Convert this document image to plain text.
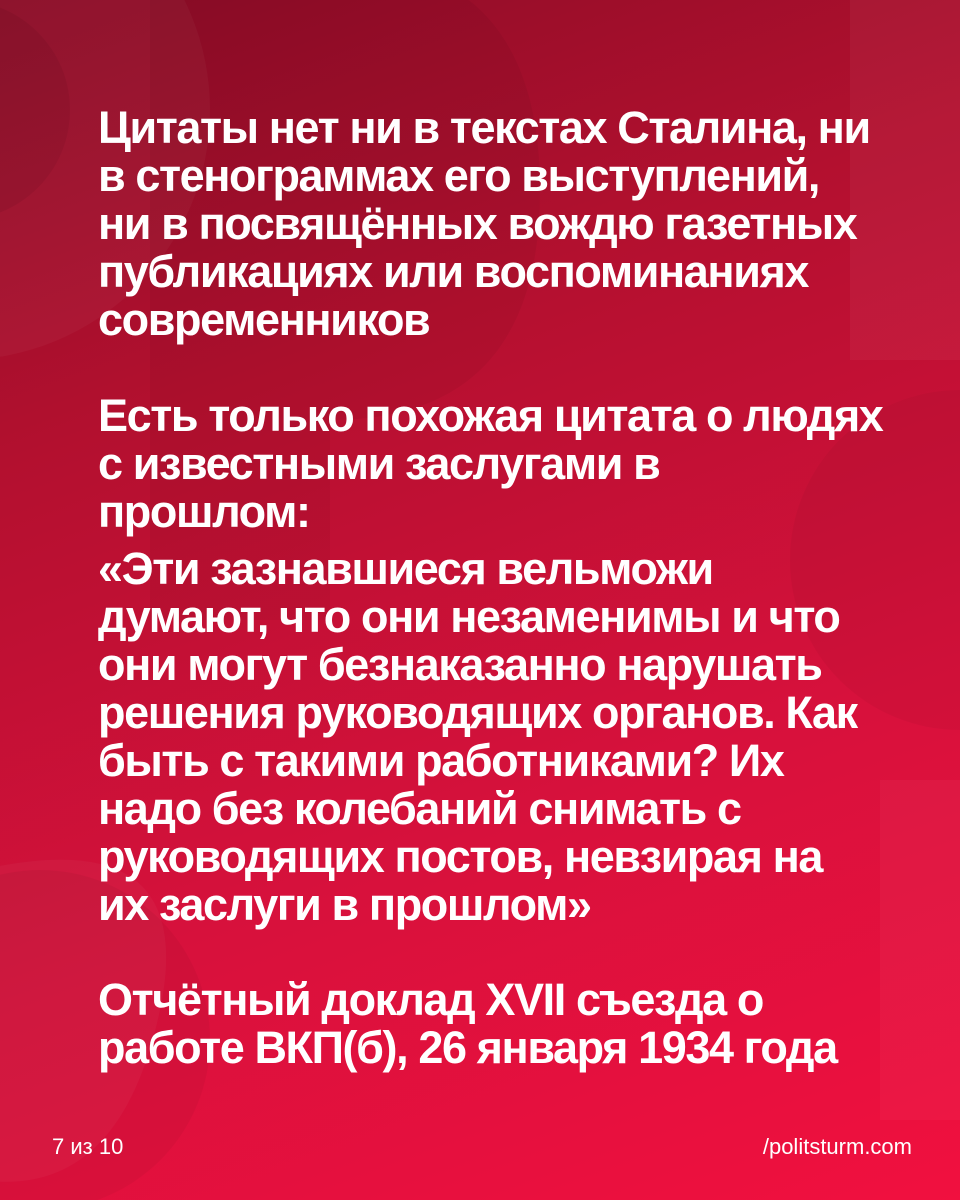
Цитаты нет ни в текстах Сталина, ни
в стенограммах его выступлений,
ни в посвящённых вождю газетных
публикациях или воспоминаниях
современников

Есть только похожая цитата о людях
с известными заслугами в
прошлом:

«Эти зазнавшиеся вельможи
думают, что они незаменимы и что
они могут безнаказанно нарушать
решения руководящих органов. Как
быть с такими работниками? Их
надо без колебаний снимать с
руководящих постов, невзирая на
их заслуги в прошлом»

Отчётный доклад XVII съезда о
работе ВКП(б), 26 января 1934 года

7 из 10	/politsturm.com
